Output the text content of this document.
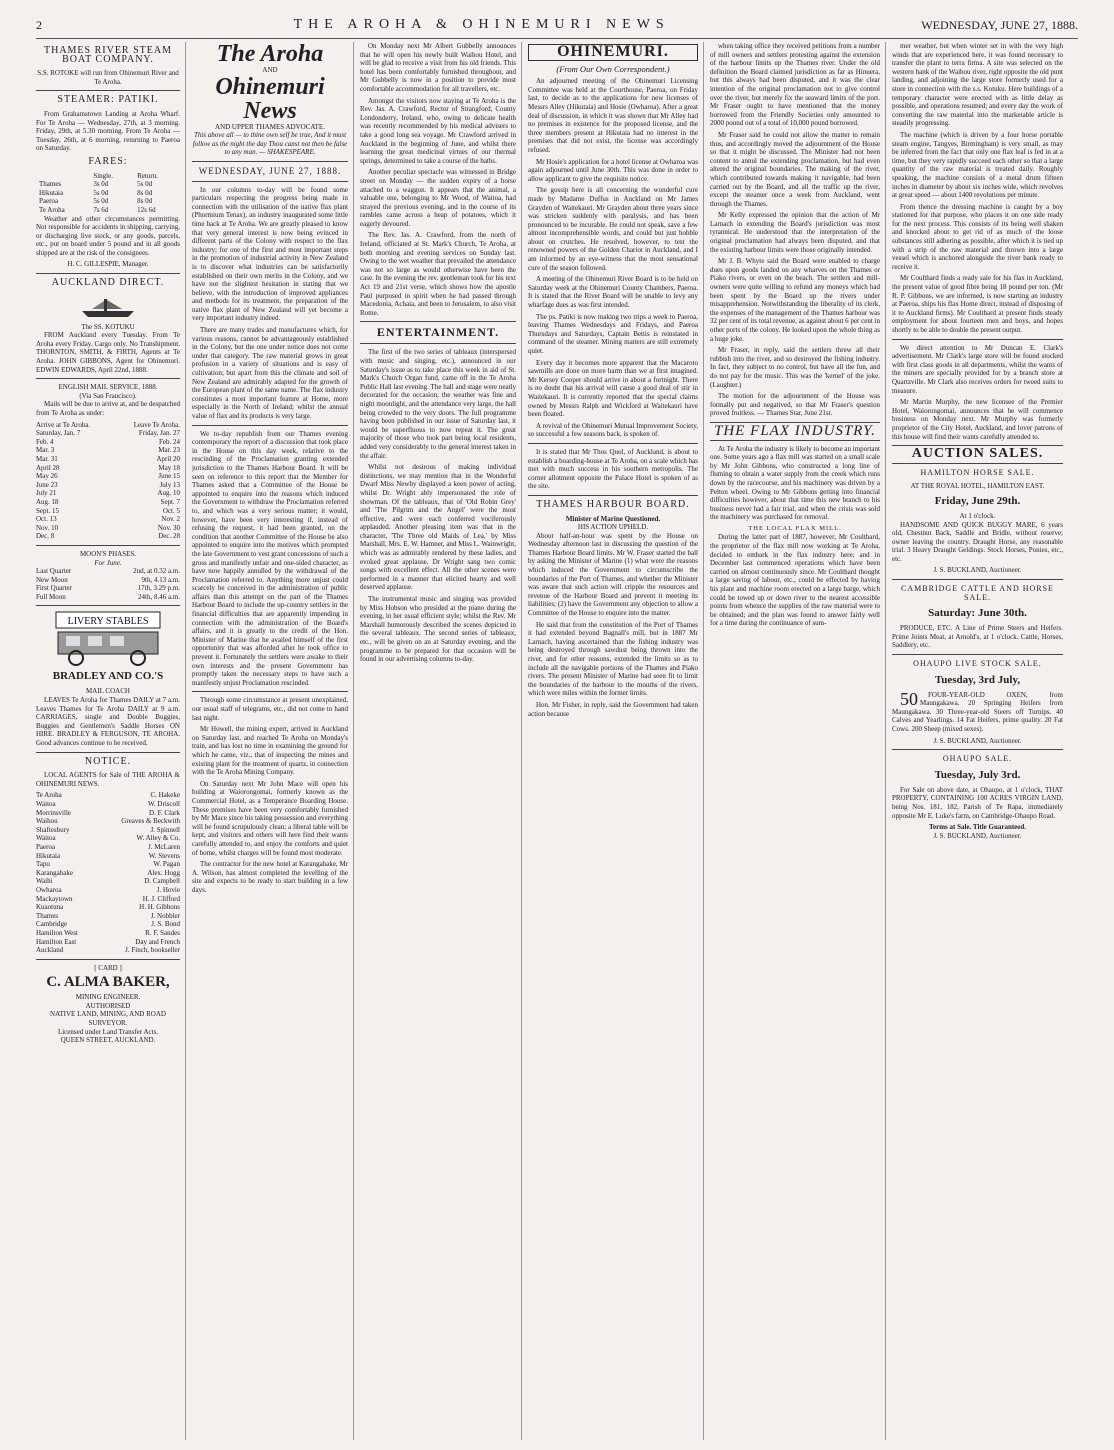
2	THE AROHA & OHINEMURI NEWS	WEDNESDAY, JUNE 27, 1888.
THAMES RIVER STEAM BOAT COMPANY.

S.S. ROTOKE will run from Ohinemuri River and Te Aroha.

STEAMER: PATIKI.

From Grahamstown Landing at Aroha Wharf. For Te Aroha — Wednesday, 27th, at 3 morning. Friday, 29th, at 5.30 morning. From Te Aroha — Tuesday, 26th, at 6 morning, returning to Paeroa on Saturday.

FARES:
	Single.	Return.
Thames	3s 0d	5s 0d
Hikutaia	5s 0d	8s 0d
Paeroa	5s 0d	8s 0d
Te Aroha	7s 6d	12s 6d

Weather and other circumstances permitting. Not responsible for accidents in shipping, carrying, or discharging live stock, or any goods, parcels, etc., put on board under 5 pound and in all goods shipped are at the risk of the consignees.

H. C. GILLESPIE, Manager.

AUCKLAND DIRECT.
The SS. KOTUKU

FROM Auckland every Tuesday. From Te Aroha every Friday. Cargo only. No Transhipment. THORNTON, SMITH, & FIRTH, Agents at Te Aroha. JOHN GIBBONS, Agent for Ohinemuri. EDWIN EDWARDS, April 22nd, 1888.

ENGLISH MAIL SERVICE, 1888.
(Via San Francisco).

Mails will be due to arrive at, and be despatched from Te Aroha as under:

Arrive at Te Aroha.	Leave Te Aroha.
Saturday, Jan. 7	Friday, Jan. 27
Feb. 4	Feb. 24
Mar. 3	Mar. 23
Mar. 31	April 20
April 28	May 18
May 26	June 15
June 23	July 13
July 21	Aug. 10
Aug. 18	Sept. 7
Sept. 15	Oct. 5
Oct. 13	Nov. 2
Nov. 10	Nov. 30
Dec. 8	Dec. 28
MOON'S PHASES.
For June.
Last Quarter	2nd, at 0.32 a.m.
New Moon	9th, 4.13 a.m.
First Quarter	17th, 3.29 p.m.
Full Moon	24th, 8.46 a.m.
LIVERY STABLES
BRADLEY AND CO.'S
MAIL COACH

LEAVES Te Aroha for Thames DAILY at 7 a.m. Leaves Thames for Te Aroha DAILY at 9 a.m. CARRIAGES, single and Double Buggies, Buggies and Gentlemen's Saddle Horses ON HIRE. BRADLEY & FERGUSON, TE AROHA. Good advances continue to be received.

NOTICE.

LOCAL AGENTS for Sale of THE AROHA & OHINEMURI NEWS.

Te Aroha	C. Hakeke
Waitoa	W. Driscoll
Morrinsville	D. F. Clark
Waihou	Greaves & Beckwith
Shaftesbury	J. Spinnell
Waitoa	W. Alley & Co.
Paeroa	J. McLaren
Hikutaia	W. Stevens
Tapu	W. Pagan
Karangahake	Alex. Hogg
Waihi	D. Campbell
Owharoa	J. Hovie
Mackaytown	H. J. Clifford
Kuaotuna	H. H. Gibbons
Thames	J. Nobbler
Cambridge	J. S. Bond
Hamilton West	R. F. Sandes
Hamilton East	Day and French
Auckland	J. Finch, bookseller
[ CARD ]
C. ALMA BAKER,
MINING ENGINEER.
AUTHORISED
NATIVE LAND, MINING, AND ROAD SURVEYOR.
Licensed under Land Transfer Acts.
QUEEN STREET, AUCKLAND.
The Aroha
AND
Ohinemuri News
AND UPPER THAMES ADVOCATE.
This above all — to thine own self be true, And it must follow as the night the day Thou canst not then be false to any man. — SHAKESPEARE.
WEDNESDAY, JUNE 27, 1888.

In our columns to-day will be found some particulars respecting the progress being made in connection with the utilisation of the native flax plant (Phormium Tenax), an industry inaugurated some little time back at Te Aroha. We are greatly pleased to know that very general interest is now being evinced in different parts of the Colony with respect to the flax industry; for one of the first and most important steps in the promotion of industrial activity in New Zealand is to discover what industries can be satisfactorily established on their own merits in the Colony, and we have not the slightest hesitation in stating that we believe, with the introduction of improved appliances and methods for its treatment, the preparation of the native flax plant of New Zealand will yet become a very important industry indeed.

There are many trades and manufactures which, for various reasons, cannot be advantageously established in the Colony, but the one under notice does not come under that category. The raw material grows in great profusion in a variety of situations and is easy of cultivation; but apart from this the climate and soil of New Zealand are admirably adapted for the growth of the European plant of the same name. The flax industry constitutes a most important feature at Home, more especially in the North of Ireland; whilst the annual value of flax and its products is very large.

We to-day republish from our Thames evening contemporary the report of a discussion that took place in the House on this day week, relative to the rescinding of the Proclamation granting extended jurisdiction to the Thames Harbour Board. It will be seen on reference to this report that the Member for Thames asked that a Committee of the House be appointed to enquire into the reasons which induced the Government to withdraw the Proclamation referred to, and which was a very serious matter; it would, however, have been very interesting if, instead of refusing the request, it had been granted, on the condition that another Committee of the House be also appointed to enquire into the motives which prompted the late Government to vest grant concessions of such a gross and manifestly unfair and one-sided character, as have now happily annulled by the withdrawal of the Proclamation referred to. Anything more unjust could scarcely be conceived in the administration of public affairs than this attempt on the part of the Thames Harbour Board to include the up-country settlers in the financial difficulties that are apparently impending in connection with the administration of the Board's affairs, and it is greatly to the credit of the Hon. Minister of Marine that he availed himself of the first opportunity that was afforded after he took office to prevent it. Fortunately the settlers were awake to their own interests and the present Government has promptly taken the necessary steps to have such a manifestly unjust Proclamation rescinded.

Through some circumstance at present unexplained, our usual staff of telegrams, etc., did not come to hand last night.

Mr Howell, the mining expert, arrived in Auckland on Saturday last, and reached Te Aroha on Monday's train, and has lost no time in examining the ground for which he came, viz., that of inspecting the mines and existing plant for the treatment of quartz, in connection with the Te Aroha Mining Company.

On Saturday next Mr John Mace will open his building at Waiorongomai, formerly known as the Commercial Hotel, as a Temperance Boarding House. These premises have been very comfortably furnished by Mr Mace since his taking possession and everything will be found scrupulously clean; a liberal table will be kept, and visitors and others will here find their wants carefully attended to, and enjoy the comforts and quiet of home, whilst charges will be found most moderate.

The contractor for the new hotel at Karangahake, Mr A. Wilson, has almost completed the levelling of the site and expects to be ready to start building in a few days.

On Monday next Mr Albert Gubbelly announces that he will open his newly built Waihou Hotel, and will be glad to receive a visit from his old friends. This hotel has been comfortably furnished throughout, and Mr Gubbelly is now in a position to provide most comfortable accommodation for all travellers, etc.

Amongst the visitors now staying at Te Aroha is the Rev. Jas. A. Crawford, Rector of Strangford, County Londonderry, Ireland, who, owing to delicate health was recently recommended by his medical advisers to take a good long sea voyage. Mr Crawford arrived in Auckland in the beginning of June, and whilst there learning the great medicinal virtues of our thermal springs, determined to take a course of the baths.

Another peculiar spectacle was witnessed in Bridge street on Monday — the sudden expiry of a horse attached to a waggon. It appears that the animal, a valuable one, belonging to Mr Wood, of Waitoa, had strayed the previous evening, and in the course of its rambles came across a heap of potatoes, which it eagerly devoured.

The Rev. Jas. A. Crawford, from the north of Ireland, officiated at St. Mark's Church, Te Aroha, at both morning and evening services on Sunday last. Owing to the wet weather that prevailed the attendance was not so large as would otherwise have been the case. In the evening the rev. gentleman took for his text Act 19 and 21st verse, which shows how the apostle Paul purposed in spirit when he had passed through Macedonia, Achaia, and been to Jerusalem, to also visit Rome.

ENTERTAINMENT.

The first of the two series of tableaux (interspersed with music and singing, etc.), announced in our Saturday's issue as to take place this week in aid of St. Mark's Church Organ fund, came off in the Te Aroha Public Hall last evening. The hall and stage were neatly decorated for the occasion, the weather was fine and night moonlight, and the attendance very large, the hall being crowded to the very doors. The full programme having been published in our issue of Saturday last, it would be superfluous to now repeat it. The great majority of those who took part being local residents, added very considerably to the general interest taken in the affair.

Whilst not desirous of making individual distinctions, we may mention that in the Wonderful Dwarf Miss Newby displayed a keen power of acting, whilst Dr. Wright ably impersonated the role of showman. Of the tableaux, that of 'Old Robin Grey' and 'The Pilgrim and the Angel' were the most effective, and were each conferred vociferously applauded. Another pleasing item was that in the character, 'The Three old Maids of Lea,' by Miss Marshall, Mrs. E. W. Hamner, and Miss L. Wainwright, which was as admirably rendered by these ladies, and evoked great applause. Dr Wright sang two comic songs with excellent effect. All the other scenes were performed in a manner that elicited hearty and well deserved applause.

The instrumental music and singing was provided by Miss Hobson who presided at the piano during the evening, in her usual efficient style; whilst the Rev. Mr Marshall humorously described the scenes depicted in the several tableaux. The second series of tableaux, etc., will be given on an at Saturday evening, and the programme to be prepared for that occasion will be found in our advertising columns to-day.

OHINEMURI.
(From Our Own Correspondent.)

An adjourned meeting of the Ohinemuri Licensing Committee was held at the Courthouse, Paeroa, on Friday last, to decide as to the applications for new licenses of Messrs Alley (Hikutaia) and Hosie (Owharoa). After a great deal of discussion, in which it was shown that Mr Alley had no premises in existence for the proposed license, and the three members present at Hikutaia had no interest in the premises that did not exist, the license was accordingly refused.

Mr Hosie's application for a hotel license at Owharoa was again adjourned until June 30th. This was done in order to allow applicant to give the requisite notice.

The gossip here is all concerning the wonderful cure made by Madame Duffus in Auckland on Mr James Grayden of Waitekauri. Mr Grayden about three years since was stricken suddenly with paralysis, and has been pronounced to be incurable. He could not speak, save a few almost incomprehensible words, and could but just hobble about on crutches. He resolved, however, to test the renowned powers of the Golden Chariot in Auckland, and I am informed by an eye-witness that the most sensational cure of the season followed.

A meeting of the Ohinemuri River Board is to be held on Saturday week at the Ohinemuri County Chambers, Paeroa. It is stated that the River Board will be unable to levy any wharfage dues as was first intended.

The ps. Patiki is now making two trips a week to Paeroa, leaving Thames Wednesdays and Fridays, and Paeroa Thursdays and Saturdays, Captain Bettis is reinstated in command of the steamer. Mining matters are still extremely quiet.

Every day it becomes more apparent that the Macaroto sawmills are done on more harm than we at first imagined. Mr Kersey Cooper should arrive in about a fortnight. There is no doubt that his arrival will cause a good deal of stir in Waitekauri. It is currently reported that the special claims owned by Messrs Ralph and Wickford at Waitekauri have been floated.

A revival of the Ohinemuri Mutual Improvement Society, so successful a few seasons back, is spoken of.

It is stated that Mr Thos Quol, of Auckland, is about to establish a boarding-house at Te Aroha, on a scale which has met with much success in his southern metropolis. The corner allotment opposite the Palace Hotel is spoken of as the site.

THAMES HARBOUR BOARD.
Minister of Marine Questioned.
HIS ACTION UPHELD.

About half-an-hour was spent by the House on Wednesday afternoon last in discussing the question of the Thames Harbour Board limits. Mr W. Fraser started the ball by asking the Minister of Marine (1) what were the reasons which induced the Government to circumscribe the boundaries of the Port of Thames, and whether the Minister was aware that such action will cripple the resources and revenue of the Harbour Board and prevent it meeting its liabilities; (2) have the Government any objection to allow a Committee of the House to enquire into the matter.

He said that from the constitution of the Port of Thames it had extended beyond Bagnall's mill, but in 1887 Mr Larnach, having ascertained that the fishing industry was being destroyed through sawdust being thrown into the river, and for other reasons, extended the limits so as to include all the navigable portions of the Thames and Piako rivers. The present Minister of Marine had seen fit to limit the boundaries of the harbour to the mouths of the rivers, which were miles within the former limits.

Hon. Mr Fisher, in reply, said the Government had taken action because

when taking office they received petitions from a number of mill owners and settlers protesting against the extension of the harbour limits up the Thames river. Under the old definition the Board claimed jurisdiction as far as Hinuera, but this always had been disputed, and it was the clear intention of the original proclamation not to give control over the river, but merely fix the seaward limits of the port. Mr Fraser ought to have mentioned that the money borrowed from the Friendly Societies only amounted to 2000 pound out of a total of 10,000 pound borrowed.

Mr Fraser said he could not allow the matter to remain thus, and accordingly moved the adjournment of the House so that it might be discussed. The Minister had not been content to annul the extending proclamation, but had even altered the original boundaries. The making of the river, which contributed towards making it navigable, had been carried out by the Board, and all the traffic up the river, except the steamer once a week from Auckland, went through the Thames.

Mr Kelly expressed the opinion that the action of Mr Larnach in extending the Board's jurisdiction was most tyrannical. He understood that the interpretation of the original proclamation had always been disputed, and that the existing harbour limits were those originally intended.

Mr J. B. Whyte said the Board were enabled to charge dues upon goods landed on any wharves on the Thames or Piako rivers, or even on the beach. The settlers and mill-owners were quite willing to refund any moneys which had been spent by the Board up the rivers under misapprehension. Notwithstanding the liberality of its clerk, the expenses of the management of the Thames harbour was 32 per cent of its total revenue, as against about 6 per cent in other ports of the colony. He looked upon the whole thing as a huge joke.

Mr Fraser, in reply, said the settlers threw all their rubbish into the river, and so destroyed the fishing industry. In fact, they subject to no control, but have all the fun, and do not pay for the music. This was the 'kernel' of the joke. (Laughter.)

The motion for the adjournment of the House was formally put and negatived, so that Mr Fraser's question proved fruitless. — Thames Star, June 21st.

THE FLAX INDUSTRY.

At Te Aroha the industry is likely to become an important one. Some years ago a flax mill was started on a small scale by Mr John Gibbons, who constructed a long line of fluming to obtain a water supply from the creek which runs down by the racecourse, and his machinery was driven by a Pelton wheel. Owing to Mr Gibbons getting into financial difficulties however, about that time this new branch to his business never had a fair trial, and when the crisis was sold the machinery was purchased for removal.

THE LOCAL FLAX MILL.

During the latter part of 1887, however, Mr Coulthard, the proprietor of the flax mill now working at Te Aroha, decided to embark in the flax industry here; and in December last commenced operations which have been carried on almost continuously since. Mr Coulthard thought a large saving of labour, etc., could be effected by having his plant and machine room erected on a large barge, which could be towed up or down river to the nearest accessible points from whence the supplies of the raw material were to be obtained; and the plan was found to answer fairly well for a time during the continuance of sum-

mer weather, but when winter set in with the very high winds that are experienced here, it was found necessary to transfer the plant to terra firma. A site was selected on the western bank of the Waihou river, right opposite the old punt landing, and adjoining the large store formerly used for a store in connection with the s.s. Kotuku. Here buildings of a temporary character were erected with as little delay as possible, and operations resumed; and every day the work of converting the raw material into the marketable article is steadily progressing.

The machine (which is driven by a four horse portable steam engine, Tangyes, Birmingham) is very small, as may be inferred from the fact that only one flax leaf is fed in at a time, but they very rapidly succeed each other so that a large quantity of the raw material is treated daily. Roughly speaking, the machine consists of a metal drum fifteen inches in diameter by about six inches wide, which revolves at great speed — about 1400 revolutions per minute.

From thence the dressing machine is caught by a boy stationed for that purpose, who places it on one side ready for the next process. This consists of its being well shaken and knocked about to get rid of as much of the loose substances still adhering as possible, after which it is tied up with a strip of the raw material and thrown into a large vessel which is anchored alongside the river bank ready to receive it.

Mr Coulthard finds a ready sale for his flax in Auckland, the present value of good fibre being 18 pound per ton. (Mr R. P. Gibbons, we are informed, is now starting an industry at Paeroa, ships his flax Home direct, instead of disposing of it to Auckland firms). Mr Coulthard at present finds steady employment for about fourteen men and boys, and hopes shortly to be able to double the present output.

We direct attention to Mr Duncan E. Clark's advertisement. Mr Clark's large store will be found stocked with first class goods in all departments, whilst the wants of the miners are specially provided for by a branch store at Quartzville. Mr Clark also receives orders for tweed suits to measure.

Mr Martin Murphy, the new licensee of the Premier Hotel, Waiorongomai, announces that he will commence business on Monday next. Mr Murphy was formerly proprietor of the City Hotel, Auckland, and lover patrons of this house will find their wants carefully attended to.

AUCTION SALES.
HAMILTON HORSE SALE.
AT THE ROYAL HOTEL, HAMILTON EAST.
Friday, June 29th.
At 1 o'clock.

HANDSOME AND QUICK BUGGY MARE, 6 years old, Chestnut Back, Saddle and Bridle, without reserve; owner leaving the country. Draught Horse, any reasonable trial. 3 Heavy Draught Geldings. Stock Horses, Ponies, etc., etc.

J. S. BUCKLAND, Auctioneer.
CAMBRIDGE CATTLE AND HORSE SALE.
Saturday: June 30th.

PRODUCE, ETC. A Line of Prime Steers and Heifers. Prime Joints Meat, at Arnold's, at 1 o'clock. Cattle, Horses, Saddlery, etc.

OHAUPO LIVE STOCK SALE.
Tuesday, 3rd July,

50 FOUR-YEAR-OLD OXEN, from Maungakawa. 20 Springing Heifers from Maungakawa. 30 Three-year-old Steers off Turnips. 40 Calves and Yearlings. 14 Fat Heifers, prime quality. 20 Fat Cows. 200 Sheep (mixed sexes).

J. S. BUCKLAND, Auctioneer.
OHAUPO SALE.
Tuesday, July 3rd.

For Sale on above date, at Ohaupo, at 1 o'clock, THAT PROPERTY, CONTAINING 100 ACRES VIRGIN LAND, being Nos. 181, 182, Parish of Te Rapa, immediately opposite Mr E. Luke's farm, on Cambridge-Ohaupo Road.

Terms at Sale. Title Guaranteed.
J. S. BUCKLAND, Auctioneer.
